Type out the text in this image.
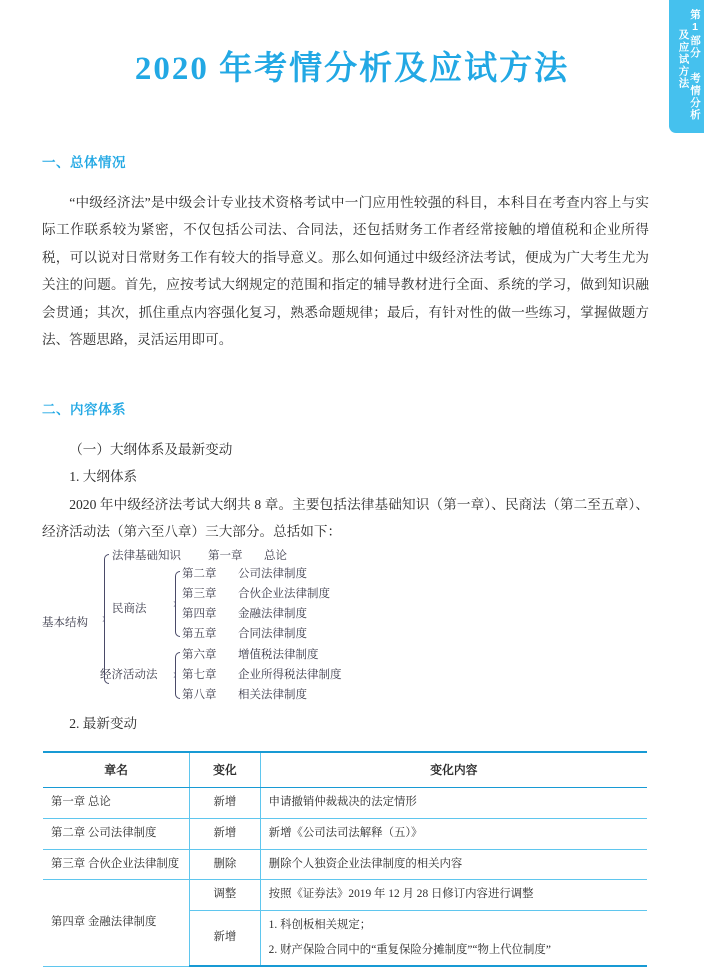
第1部分 考情分析
及应试方法
2020 年考情分析及应试方法
一、总体情况

“中级经济法”是中级会计专业技术资格考试中一门应用性较强的科目，本科目在考查内容上与实际工作联系较为紧密，不仅包括公司法、合同法，还包括财务工作者经常接触的增值税和企业所得税，可以说对日常财务工作有较大的指导意义。那么如何通过中级经济法考试，便成为广大考生尤为关注的问题。首先，应按考试大纲规定的范围和指定的辅导教材进行全面、系统的学习，做到知识融会贯通；其次，抓住重点内容强化复习，熟悉命题规律；最后，有针对性的做一些练习，掌握做题方法、答题思路，灵活运用即可。

二、内容体系

（一）大纲体系及最新变动

1. 大纲体系

2020 年中级经济法考试大纲共 8 章。主要包括法律基础知识（第一章）、民商法（第二至五章）、经济活动法（第六至八章）三大部分。总括如下：

基本结构
法律基础知识 第一章 总论
民商法
第二章 公司法律制度
第三章 合伙企业法律制度
第四章 金融法律制度
第五章 合同法律制度
经济活动法
第六章 增值税法律制度
第七章 企业所得税法律制度
第八章 相关法律制度

2. 最新变动

章名	变化	变化内容
第一章 总论	新增	申请撤销仲裁裁决的法定情形
第二章 公司法律制度	新增	新增《公司法司法解释（五）》
第三章 合伙企业法律制度	删除	删除个人独资企业法律制度的相关内容
第四章 金融法律制度	调整	按照《证券法》2019 年 12 月 28 日修订内容进行调整
	新增	1. 科创板相关规定；
2. 财产保险合同中的“重复保险分摊制度”“物上代位制度”
